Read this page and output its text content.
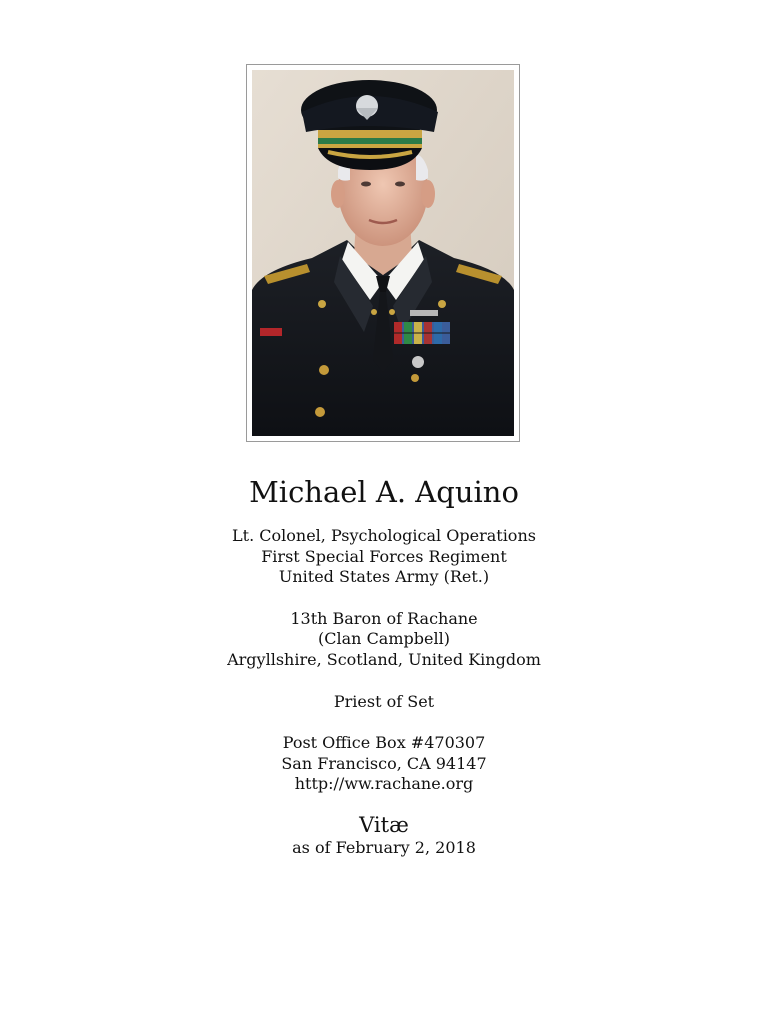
Michael A. Aquino
Lt. Colonel, Psychological Operations
First Special Forces Regiment
United States Army (Ret.)
13th Baron of Rachane
(Clan Campbell)
Argyllshire, Scotland, United Kingdom
Priest of Set
Post Office Box #470307
San Francisco, CA 94147
http://ww.rachane.org
Vitæ
as of February 2, 2018
